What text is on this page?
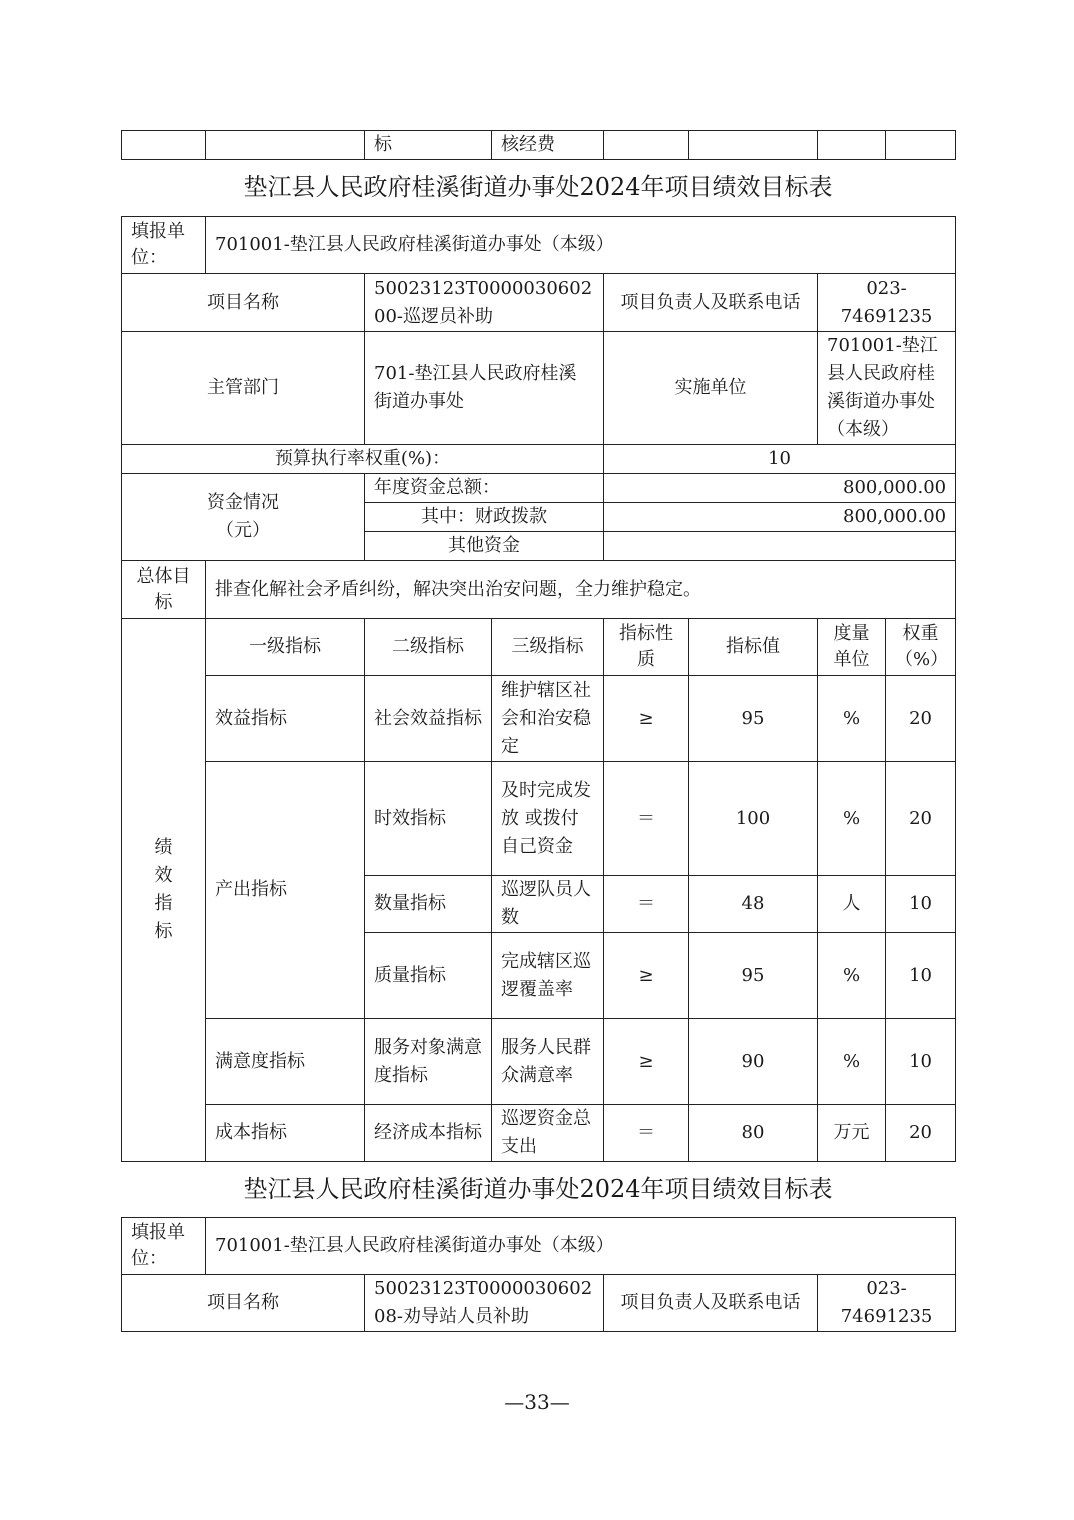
		标	核经费				
垫江县人民政府桂溪街道办事处2024年项目绩效目标表
填报单位：	701001-垫江县人民政府桂溪街道办事处（本级）						
项目名称		50023123T000003060200-巡逻员补助		项目负责人及联系电话		023-74691235	
主管部门		701-垫江县人民政府桂溪街道办事处		实施单位		701001-垫江县人民政府桂溪街道办事处（本级）	
预算执行率权重(%)：				10			
资金情况（元）		年度资金总额：		800,000.00			
		其中：财政拨款		800,000.00			
		其他资金					
总体目标	排查化解社会矛盾纠纷，解决突出治安问题，全力维护稳定。						
绩效指标	一级指标	二级指标	三级指标	指标性质	指标值	度量单位	权重（%）
	效益指标	社会效益指标	维护辖区社会和治安稳定	≥	95	%	20
	产出指标	时效指标	及时完成发放 或拨付自己资金	＝	100	%	20
		数量指标	巡逻队员人数	＝	48	人	10
		质量指标	完成辖区巡逻覆盖率	≥	95	%	10
	满意度指标	服务对象满意度指标	服务人民群众满意率	≥	90	%	10
	成本指标	经济成本指标	巡逻资金总支出	＝	80	万元	20
垫江县人民政府桂溪街道办事处2024年项目绩效目标表
填报单位：	701001-垫江县人民政府桂溪街道办事处（本级）			
项目名称		50023123T000003060208-劝导站人员补助	项目负责人及联系电话	023-74691235
—33—
